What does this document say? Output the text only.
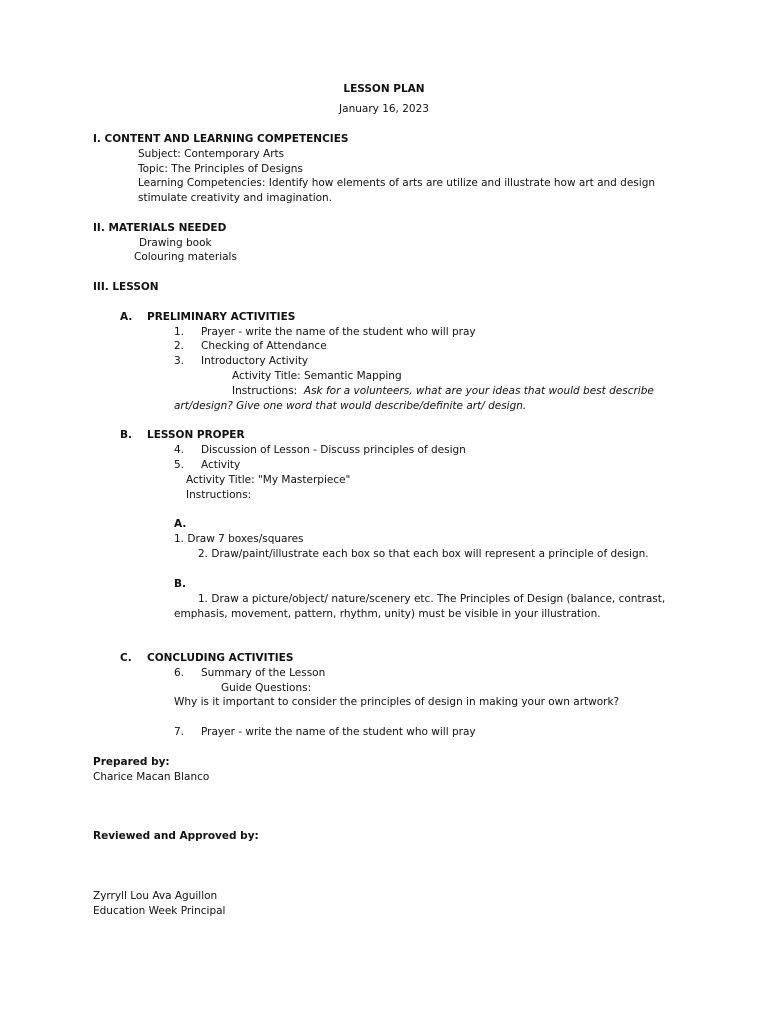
LESSON PLAN
January 16, 2023
I. CONTENT AND LEARNING COMPETENCIES
Subject: Contemporary Arts
Topic: The Principles of Designs
Learning Competencies: Identify how elements of arts are utilize and illustrate how art and design
stimulate creativity and imagination.
II. MATERIALS NEEDED
Drawing book
Colouring materials
III. LESSON
A. PRELIMINARY ACTIVITIES
1. Prayer - write the name of the student who will pray
2. Checking of Attendance
3. Introductory Activity
Activity Title: Semantic Mapping
Instructions: Ask for a volunteers, what are your ideas that would best describe
art/design? Give one word that would describe/definite art/ design.
B. LESSON PROPER
4. Discussion of Lesson - Discuss principles of design
5. Activity
Activity Title: "My Masterpiece"
Instructions:
A.
1. Draw 7 boxes/squares
2. Draw/paint/illustrate each box so that each box will represent a principle of design.
B.
1. Draw a picture/object/ nature/scenery etc. The Principles of Design (balance, contrast,
emphasis, movement, pattern, rhythm, unity) must be visible in your illustration.
C. CONCLUDING ACTIVITIES
6. Summary of the Lesson
Guide Questions:
Why is it important to consider the principles of design in making your own artwork?
7. Prayer - write the name of the student who will pray
Prepared by:
Charice Macan Blanco
Reviewed and Approved by:
Zyrryll Lou Ava Aguillon
Education Week Principal
